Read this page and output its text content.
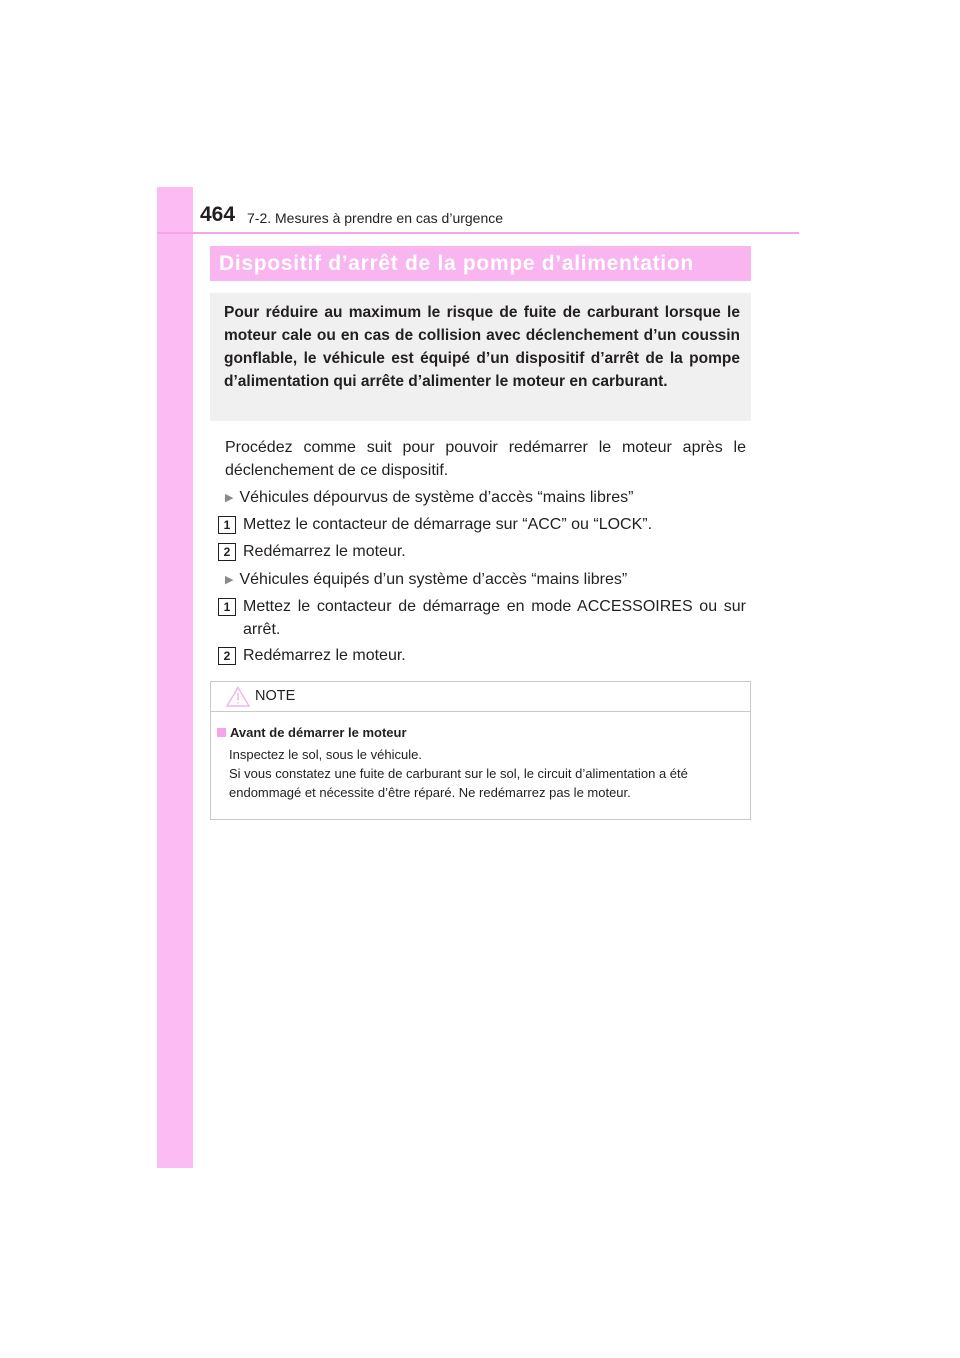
464 7-2. Mesures à prendre en cas d’urgence
Dispositif d’arrêt de la pompe d’alimentation
Pour réduire au maximum le risque de fuite de carburant lorsque le moteur cale ou en cas de collision avec déclenchement d’un coussin gonflable, le véhicule est équipé d’un dispositif d’arrêt de la pompe d’alimentation qui arrête d’alimenter le moteur en carburant.
Procédez comme suit pour pouvoir redémarrer le moteur après le déclenchement de ce dispositif.
▶ Véhicules dépourvus de système d’accès “mains libres”
1 Mettez le contacteur de démarrage sur “ACC” ou “LOCK”.
2 Redémarrez le moteur.
▶ Véhicules équipés d’un système d’accès “mains libres”
1 Mettez le contacteur de démarrage en mode ACCESSOIRES ou sur arrêt.
2 Redémarrez le moteur.
NOTE
Avant de démarrer le moteur

Inspectez le sol, sous le véhicule.

Si vous constatez une fuite de carburant sur le sol, le circuit d’alimentation a été endommagé et nécessite d’être réparé. Ne redémarrez pas le moteur.
